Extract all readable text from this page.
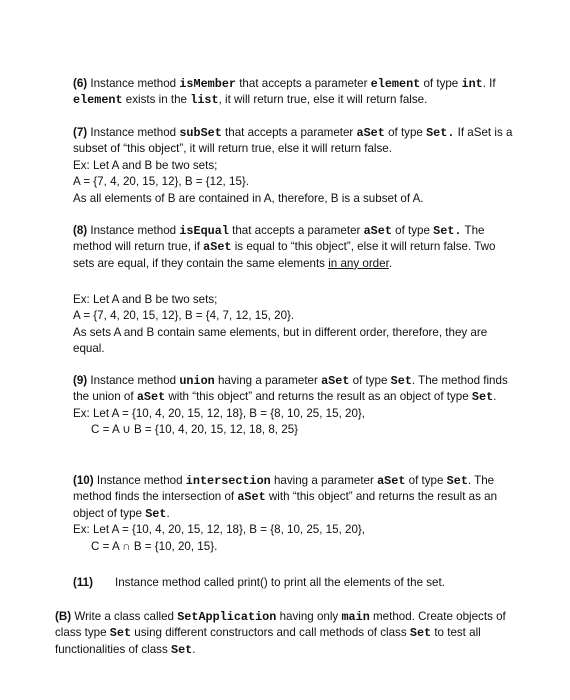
(6) Instance method isMember that accepts a parameter element of type int. If element exists in the list, it will return true, else it will return false.

(7) Instance method subSet that accepts a parameter aSet of type Set. If aSet is a subset of “this object”, it will return true, else it will return false.

Ex: Let A and B be two sets;

A = {7, 4, 20, 15, 12}, B = {12, 15}.

As all elements of B are contained in A, therefore, B is a subset of A.

(8) Instance method isEqual that accepts a parameter aSet of type Set. The method will return true, if aSet is equal to “this object”, else it will return false. Two sets are equal, if they contain the same elements in any order.

Ex: Let A and B be two sets;

A = {7, 4, 20, 15, 12}, B = {4, 7, 12, 15, 20}.

As sets A and B contain same elements, but in different order, therefore, they are equal.

(9) Instance method union having a parameter aSet of type Set. The method finds the union of aSet with “this object” and returns the result as an object of type Set.

Ex: Let A = {10, 4, 20, 15, 12, 18}, B = {8, 10, 25, 15, 20},

C = A ∪ B = {10, 4, 20, 15, 12, 18, 8, 25}

(10) Instance method intersection having a parameter aSet of type Set. The method finds the intersection of aSet with “this object” and returns the result as an object of type Set.

Ex: Let A = {10, 4, 20, 15, 12, 18}, B = {8, 10, 25, 15, 20},

C = A ∩ B = {10, 20, 15}.

(11) Instance method called print() to print all the elements of the set.

(B) Write a class called SetApplication having only main method. Create objects of class type Set using different constructors and call methods of class Set to test all functionalities of class Set.
